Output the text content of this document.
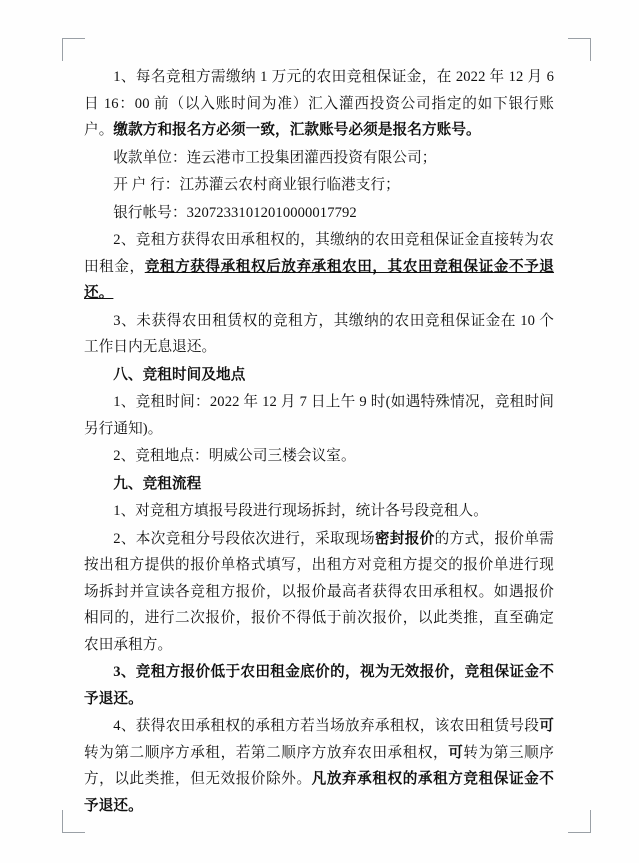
1、每名竞租方需缴纳 1 万元的农田竞租保证金，在 2022 年 12 月 6 日 16：00 前（以入账时间为准）汇入灌西投资公司指定的如下银行账户。缴款方和报名方必须一致，汇款账号必须是报名方账号。

收款单位：连云港市工投集团灌西投资有限公司；

开 户 行：江苏灌云农村商业银行临港支行；

银行帐号：32072331012010000017792

2、竞租方获得农田承租权的，其缴纳的农田竞租保证金直接转为农田租金，竞租方获得承租权后放弃承租农田，其农田竞租保证金不予退还。

3、未获得农田租赁权的竞租方，其缴纳的农田竞租保证金在 10 个工作日内无息退还。

八、竞租时间及地点

1、竞租时间：2022 年 12 月 7 日上午 9 时(如遇特殊情况，竞租时间另行通知)。

2、竞租地点：明威公司三楼会议室。

九、竞租流程

1、对竞租方填报号段进行现场拆封，统计各号段竞租人。

2、本次竞租分号段依次进行，采取现场密封报价的方式，报价单需按出租方提供的报价单格式填写，出租方对竞租方提交的报价单进行现场拆封并宣读各竞租方报价，以报价最高者获得农田承租权。如遇报价相同的，进行二次报价，报价不得低于前次报价，以此类推，直至确定农田承租方。

3、竞租方报价低于农田租金底价的，视为无效报价，竞租保证金不予退还。

4、获得农田承租权的承租方若当场放弃承租权，该农田租赁号段可转为第二顺序方承租，若第二顺序方放弃农田承租权，可转为第三顺序方，以此类推，但无效报价除外。凡放弃承租权的承租方竞租保证金不予退还。
